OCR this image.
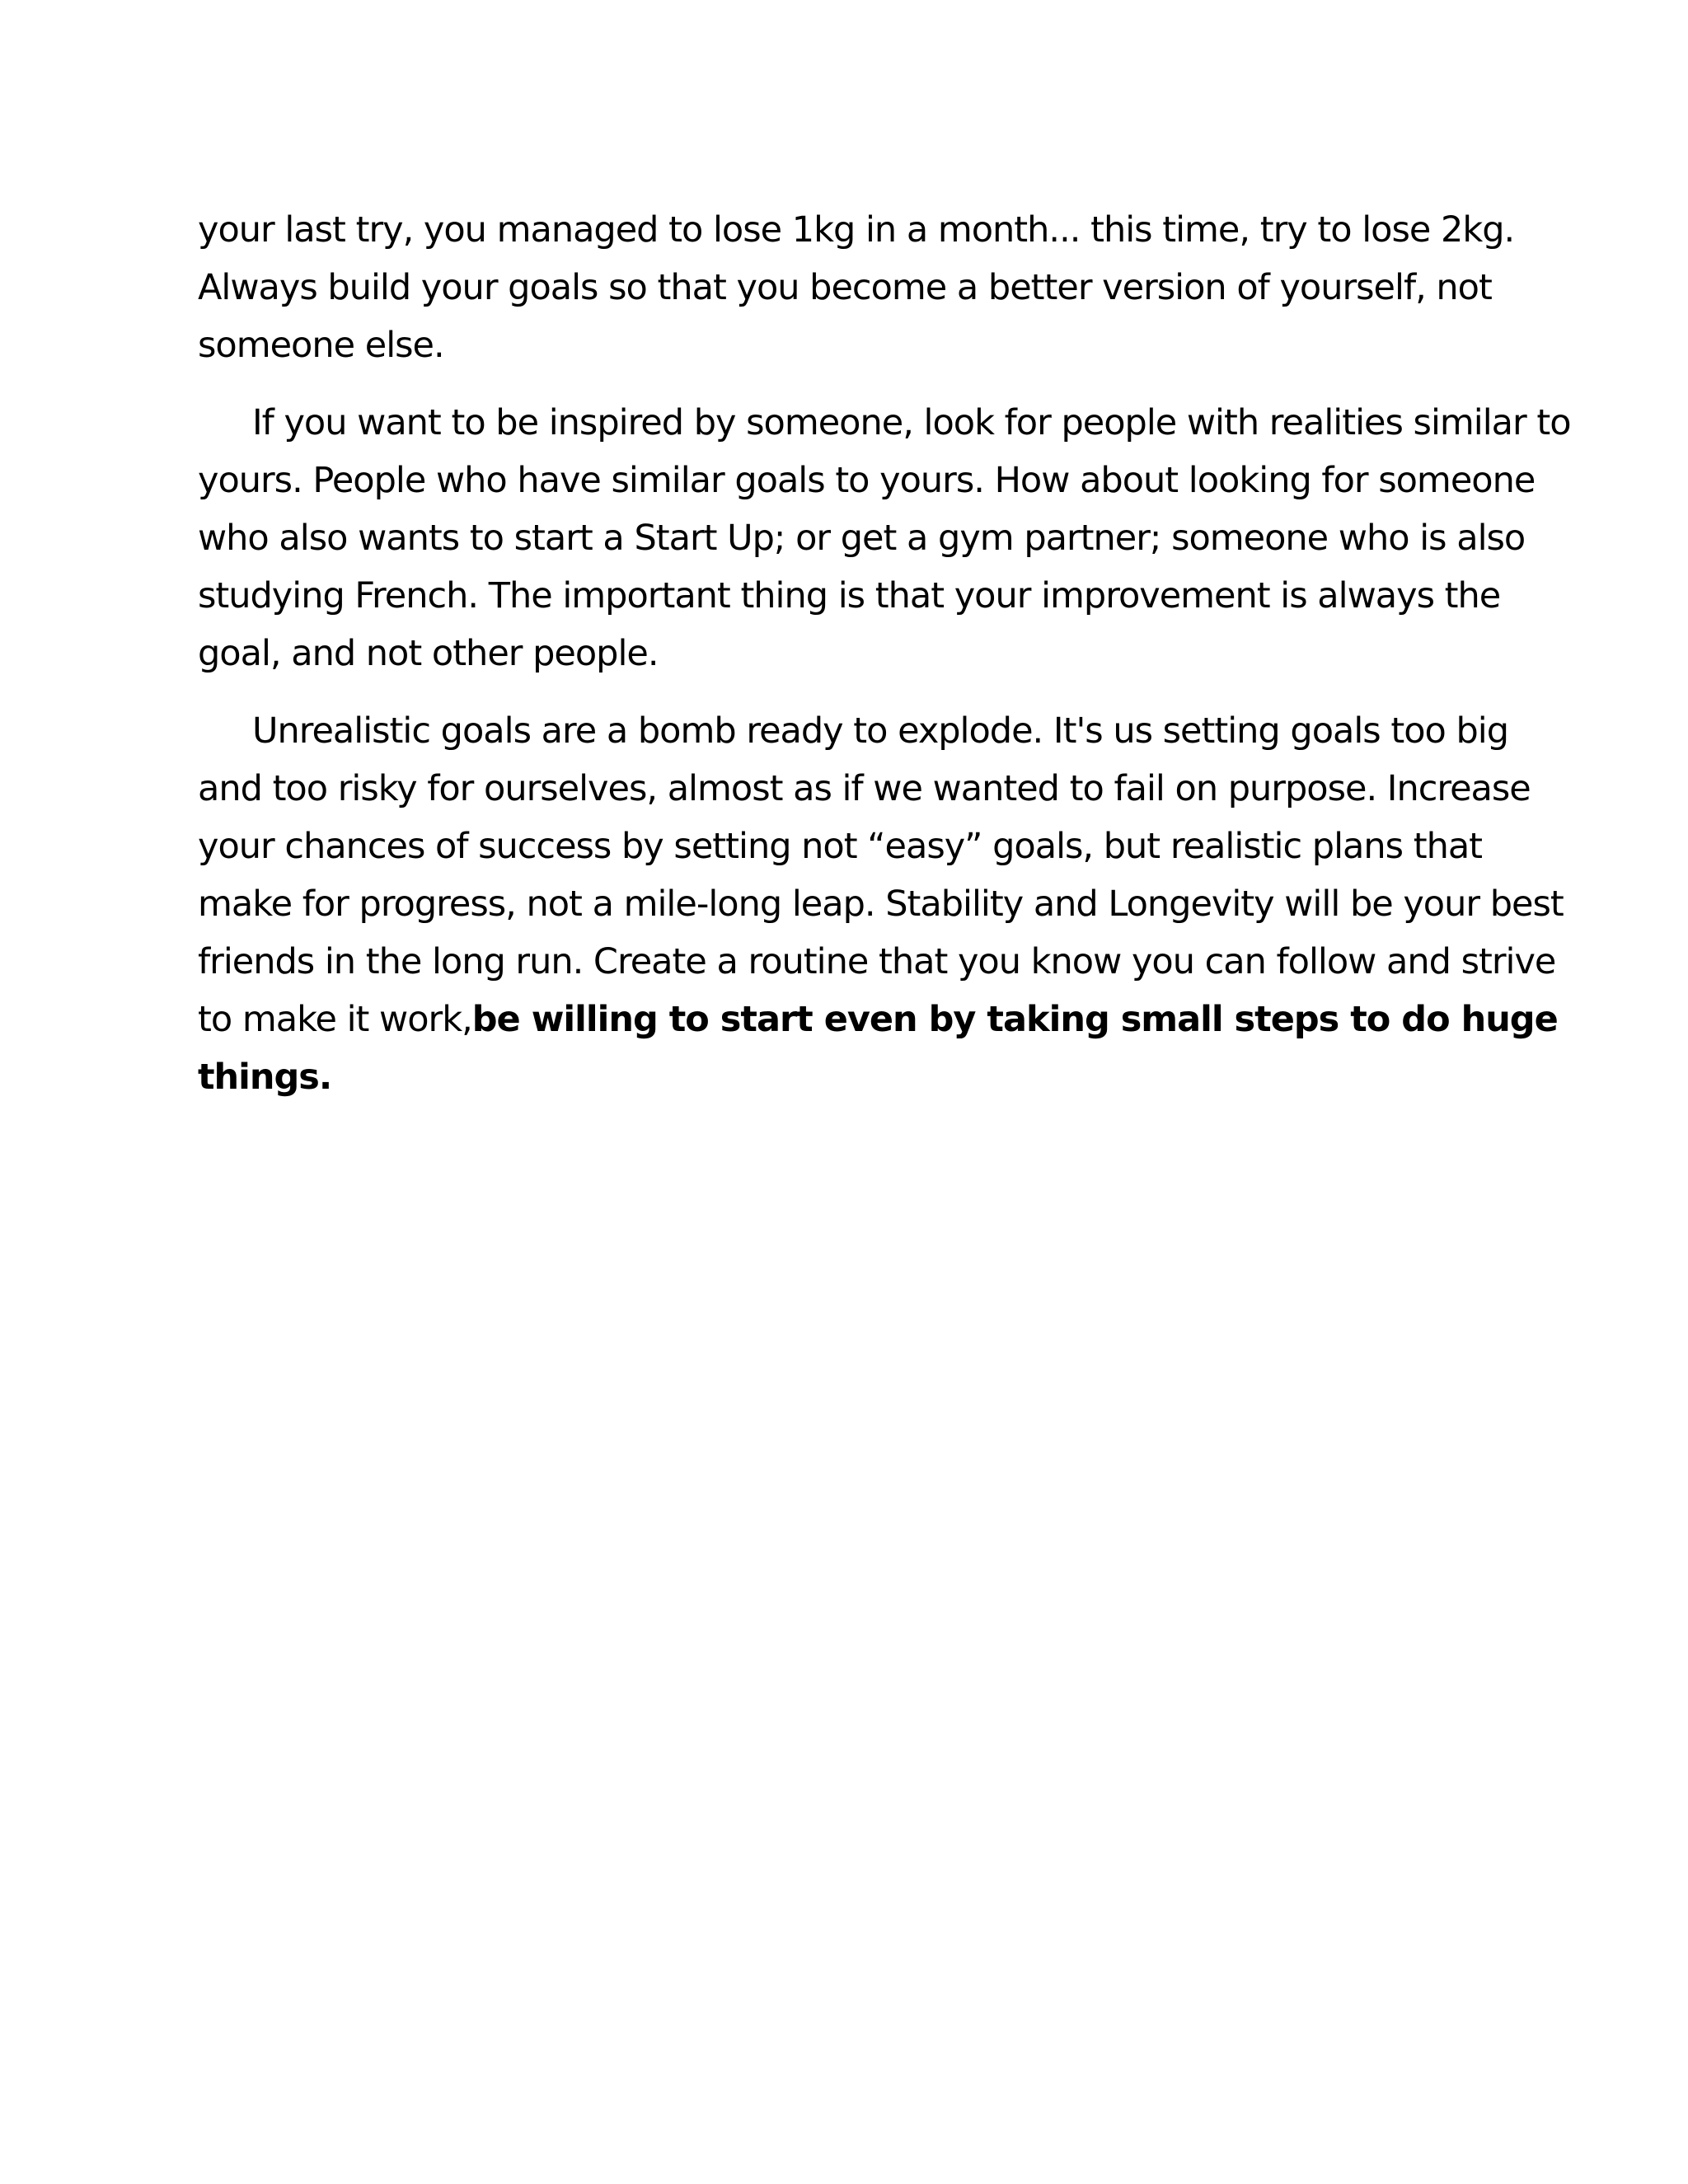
your last try, you managed to lose 1kg in a month... this time, try to lose 2kg. Always build your goals so that you become a better version of yourself, not someone else.

If you want to be inspired by someone, look for people with realities similar to yours. People who have similar goals to yours. How about looking for someone who also wants to start a Start Up; or get a gym partner; someone who is also studying French. The important thing is that your improvement is always the goal, and not other people.

Unrealistic goals are a bomb ready to explode. It's us setting goals too big and too risky for ourselves, almost as if we wanted to fail on purpose. Increase your chances of success by setting not “easy” goals, but realistic plans that make for progress, not a mile-long leap. Stability and Longevity will be your best friends in the long run. Create a routine that you know you can follow and strive to make it work,be willing to start even by taking small steps to do huge things.
